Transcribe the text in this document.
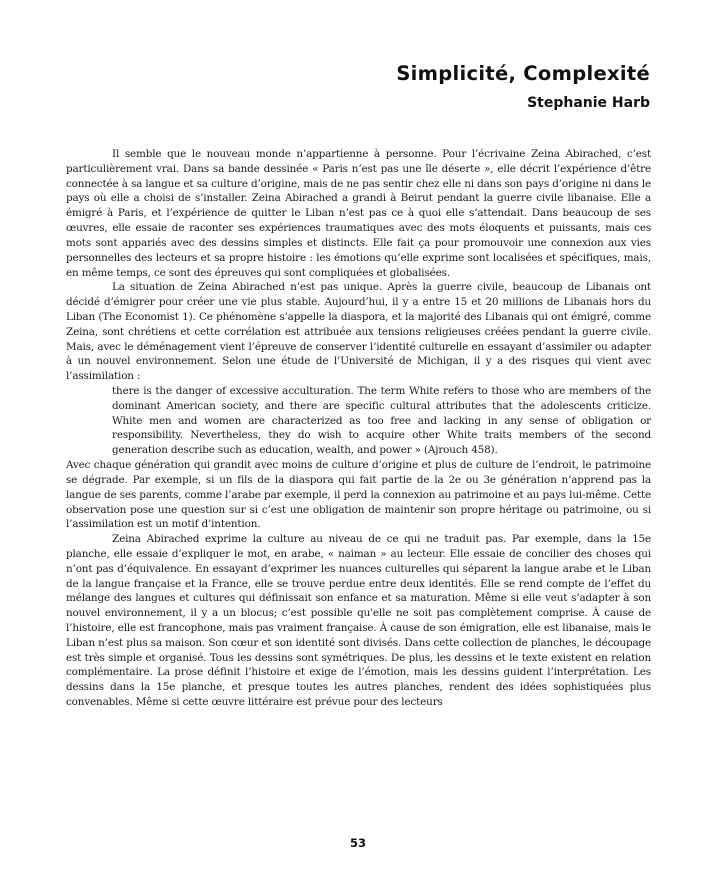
Simplicité, Complexité
Stephanie Harb

Il semble que le nouveau monde n’appartienne à personne. Pour l’écrivaine Zeina Abirached, c’est particulièrement vrai. Dans sa bande dessinée « Paris n’est pas une île déserte », elle décrit l’expérience d’être connectée à sa langue et sa culture d’origine, mais de ne pas sentir chez elle ni dans son pays d’origine ni dans le pays où elle a choisi de s’installer. Zeina Abirached a grandi à Beirut pendant la guerre civile libanaise. Elle a émigré à Paris, et l’expérience de quitter le Liban n’est pas ce à quoi elle s’attendait. Dans beaucoup de ses œuvres, elle essaie de raconter ses expériences traumatiques avec des mots éloquents et puissants, mais ces mots sont appariés avec des dessins simples et distincts. Elle fait ça pour promouvoir une connexion aux vies personnelles des lecteurs et sa propre histoire : les émotions qu’elle exprime sont localisées et spécifiques, mais, en même temps, ce sont des épreuves qui sont compliquées et globalisées.

La situation de Zeina Abirached n’est pas unique. Après la guerre civile, beaucoup de Libanais ont décidé d’émigrer pour créer une vie plus stable. Aujourd’hui, il y a entre 15 et 20 millions de Libanais hors du Liban (The Economist 1). Ce phénomène s’appelle la diaspora, et la majorité des Libanais qui ont émigré, comme Zeina, sont chrétiens et cette corrélation est attribuée aux tensions religieuses créées pendant la guerre civile. Mais, avec le déménagement vient l’épreuve de conserver l’identité culturelle en essayant d’assimiler ou adapter à un nouvel environnement. Selon une étude de l’Université de Michigan, il y a des risques qui vient avec l’assimilation :

there is the danger of excessive acculturation. The term White refers to those who are members of the dominant American society, and there are specific cultural attributes that the adolescents criticize. White men and women are characterized as too free and lacking in any sense of obligation or responsibility. Nevertheless, they do wish to acquire other White traits members of the second generation describe such as education, wealth, and power » (Ajrouch 458).

Avec chaque génération qui grandit avec moins de culture d’origine et plus de culture de l’endroit, le patrimoine se dégrade. Par exemple, si un fils de la diaspora qui fait partie de la 2e ou 3e génération n’apprend pas la langue de ses parents, comme l’arabe par exemple, il perd la connexion au patrimoine et au pays lui-même. Cette observation pose une question sur si c’est une obligation de maintenir son propre héritage ou patrimoine, ou si l’assimilation est un motif d’intention.

Zeina Abirached exprime la culture au niveau de ce qui ne traduit pas. Par exemple, dans la 15e planche, elle essaie d’expliquer le mot, en arabe, « naiman » au lecteur. Elle essaie de concilier des choses qui n’ont pas d’équivalence. En essayant d’exprimer les nuances culturelles qui séparent la langue arabe et le Liban de la langue française et la France, elle se trouve perdue entre deux identités. Elle se rend compte de l’effet du mélange des langues et cultures qui définissait son enfance et sa maturation. Même si elle veut s’adapter à son nouvel environnement, il y a un blocus; c’est possible qu'elle ne soit pas complètement comprise. À cause de l’histoire, elle est francophone, mais pas vraiment française. À cause de son émigration, elle est libanaise, mais le Liban n’est plus sa maison. Son cœur et son identité sont divisés. Dans cette collection de planches, le découpage est très simple et organisé. Tous les dessins sont symétriques. De plus, les dessins et le texte existent en relation complémentaire. La prose définit l’histoire et exige de l’émotion, mais les dessins guident l’interprétation. Les dessins dans la 15e planche, et presque toutes les autres planches, rendent des idées sophistiquées plus convenables. Même si cette œuvre littéraire est prévue pour des lecteurs

53
